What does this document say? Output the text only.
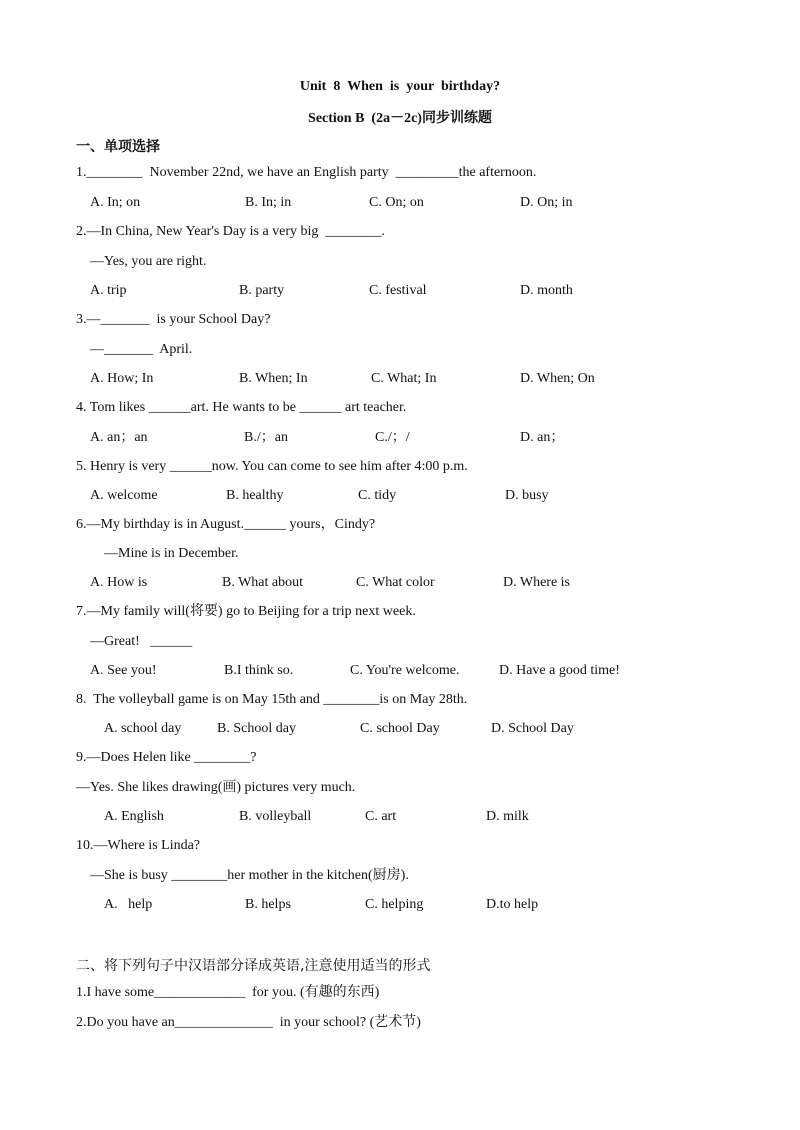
Unit  8  When  is  your  birthday?
Section B  (2a－2c)同步训练题
一、单项选择
1.________  November 22nd, we have an English party  _________the afternoon.
A. In; on	B. In; in	C. On; on	D. On; in
2.—In China, New Year's Day is a very big  ________.
—Yes, you are right.
A. trip	B. party	C. festival	D. month
3.—_______  is your School Day?
—_______  April.
A. How; In	B. When; In	C. What; In	D. When; On
4. Tom likes ______art. He wants to be ______ art teacher.
A. an；an	B./；an	C./；/	D. an；
5. Henry is very ______now. You can come to see him after 4:00 p.m.
A. welcome	B. healthy	C. tidy	D. busy
6.—My birthday is in August.______ yours，Cindy?
—Mine is in December.
A. How is	B. What about	C. What color	D. Where is
7.—My family will(将要) go to Beijing for a trip next week.
—Great!   ______
A. See you!	B.I think so.	C. You're welcome.	D. Have a good time!
8.  The volleyball game is on May 15th and ________is on May 28th.
A. school day	B. School day	C. school Day	D. School Day
9.—Does Helen like ________?
—Yes. She likes drawing(画) pictures very much.
A. English	B. volleyball	C. art	D. milk
10.—Where is Linda?
—She is busy ________her mother in the kitchen(厨房).
A.   help	B. helps	C. helping	D.to help
二、将下列句子中汉语部分译成英语,注意使用适当的形式
1.I have some_____________  for you. (有趣的东西)
2.Do you have an______________  in your school? (艺术节)
